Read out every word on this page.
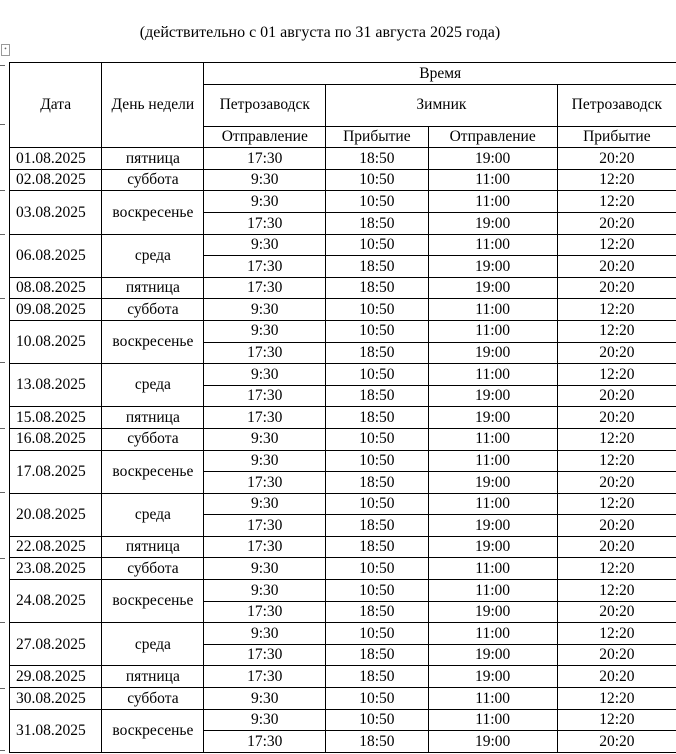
(действительно с 01 августа по 31 августа 2025 года)
•
Дата	День недели	Время			
		Петрозаводск	Зимник		Петрозаводск
		Отправление	Прибытие	Отправление	Прибытие
01.08.2025	пятница	17:30	18:50	19:00	20:20
02.08.2025	суббота	9:30	10:50	11:00	12:20
03.08.2025	воскресенье	9:30	10:50	11:00	12:20
		17:30	18:50	19:00	20:20
06.08.2025	среда	9:30	10:50	11:00	12:20
		17:30	18:50	19:00	20:20
08.08.2025	пятница	17:30	18:50	19:00	20:20
09.08.2025	суббота	9:30	10:50	11:00	12:20
10.08.2025	воскресенье	9:30	10:50	11:00	12:20
		17:30	18:50	19:00	20:20
13.08.2025	среда	9:30	10:50	11:00	12:20
		17:30	18:50	19:00	20:20
15.08.2025	пятница	17:30	18:50	19:00	20:20
16.08.2025	суббота	9:30	10:50	11:00	12:20
17.08.2025	воскресенье	9:30	10:50	11:00	12:20
		17:30	18:50	19:00	20:20
20.08.2025	среда	9:30	10:50	11:00	12:20
		17:30	18:50	19:00	20:20
22.08.2025	пятница	17:30	18:50	19:00	20:20
23.08.2025	суббота	9:30	10:50	11:00	12:20
24.08.2025	воскресенье	9:30	10:50	11:00	12:20
		17:30	18:50	19:00	20:20
27.08.2025	среда	9:30	10:50	11:00	12:20
		17:30	18:50	19:00	20:20
29.08.2025	пятница	17:30	18:50	19:00	20:20
30.08.2025	суббота	9:30	10:50	11:00	12:20
31.08.2025	воскресенье	9:30	10:50	11:00	12:20
		17:30	18:50	19:00	20:20
